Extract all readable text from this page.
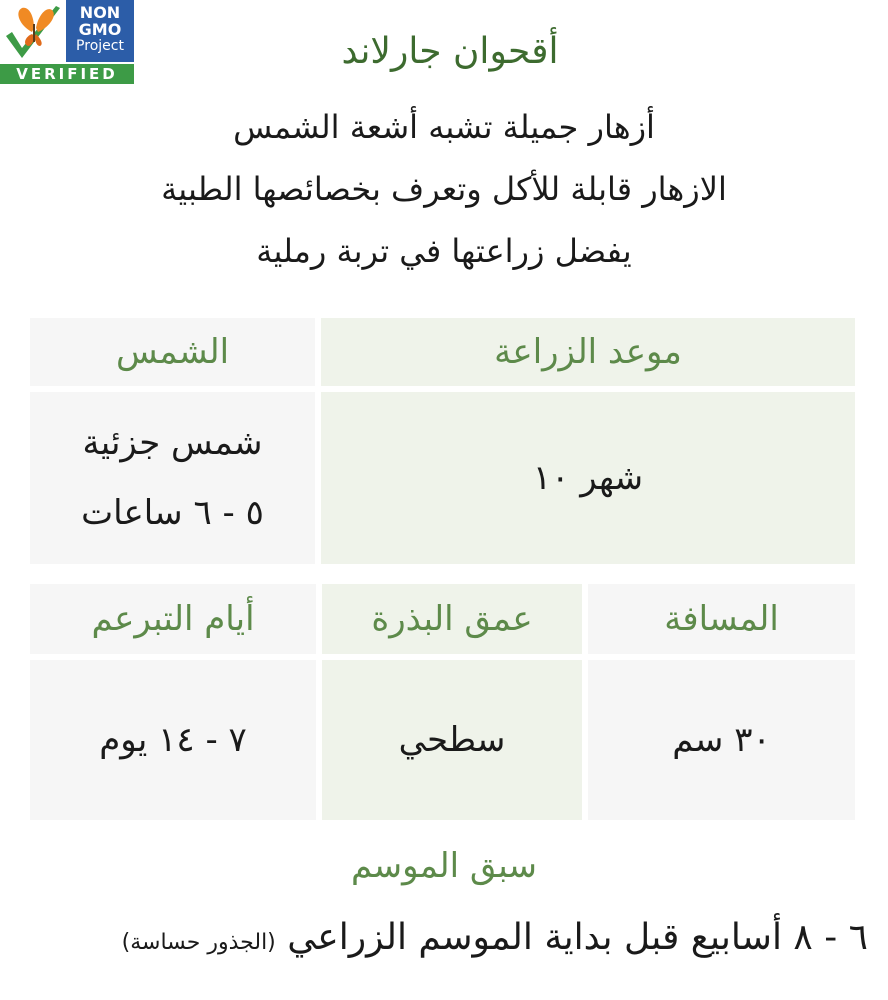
NON
GMO
Project
VERIFIED
أقحوان جارلاند
أزهار جميلة تشبه أشعة الشمس
الازهار قابلة للأكل وتعرف بخصائصها الطبية
يفضل زراعتها في تربة رملية
موعد الزراعة
الشمس
شهر ١٠
شمس جزئية
٥ - ٦ ساعات
المسافة
عمق البذرة
أيام التبرعم
٣٠ سم
سطحي
٧ - ١٤ يوم
سبق الموسم
٦ - ٨ أسابيع قبل بداية الموسم الزراعي (الجذور حساسة)
